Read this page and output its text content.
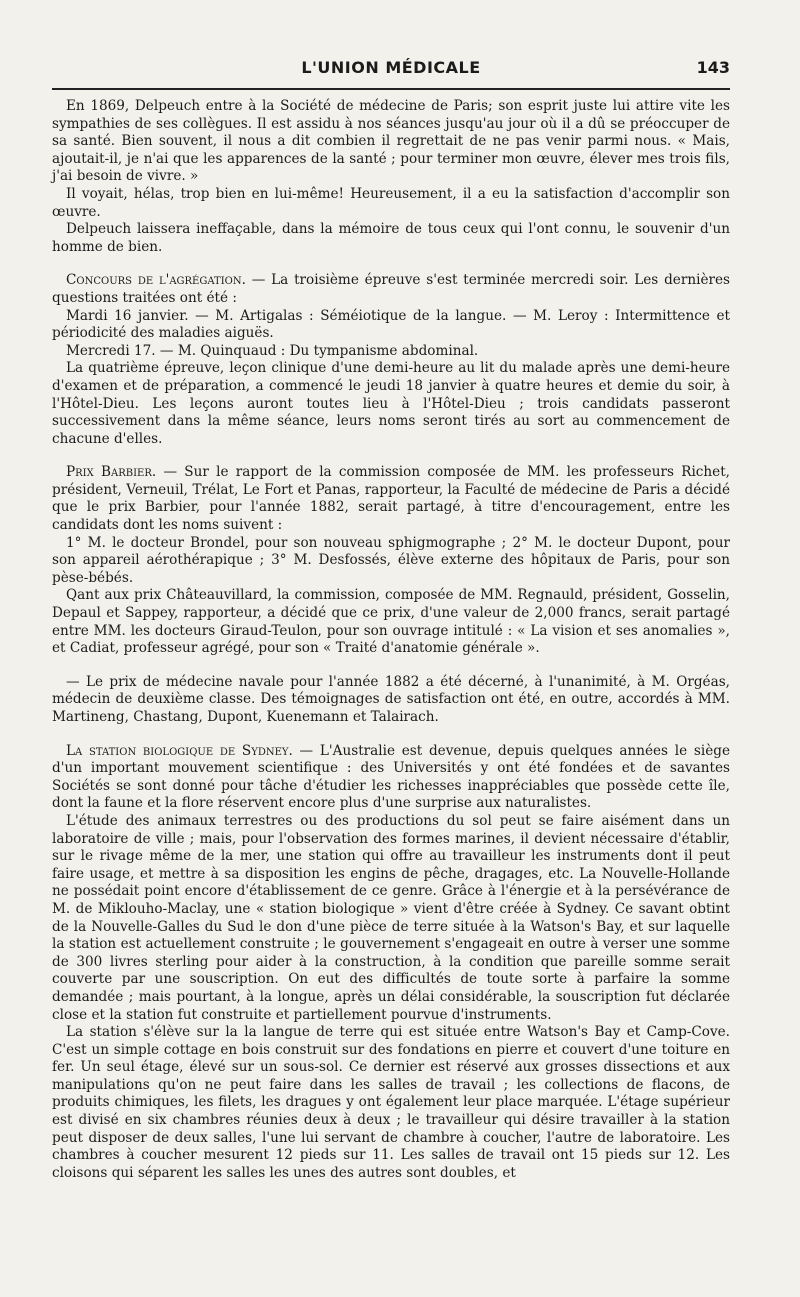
L'UNION MÉDICALE	143

En 1869, Delpeuch entre à la Société de médecine de Paris; son esprit juste lui attire vite les sympathies de ses collègues. Il est assidu à nos séances jusqu'au jour où il a dû se préoccuper de sa santé. Bien souvent, il nous a dit combien il regrettait de ne pas venir parmi nous. « Mais, ajoutait-il, je n'ai que les apparences de la santé ; pour terminer mon œuvre, élever mes trois fils, j'ai besoin de vivre. »

Il voyait, hélas, trop bien en lui-même! Heureusement, il a eu la satisfaction d'accomplir son œuvre.

Delpeuch laissera ineffaçable, dans la mémoire de tous ceux qui l'ont connu, le souvenir d'un homme de bien.

Concours de l'agrégation. — La troisième épreuve s'est terminée mercredi soir. Les dernières questions traitées ont été :

Mardi 16 janvier. — M. Artigalas : Séméiotique de la langue. — M. Leroy : Intermittence et périodicité des maladies aiguës.

Mercredi 17. — M. Quinquaud : Du tympanisme abdominal.

La quatrième épreuve, leçon clinique d'une demi-heure au lit du malade après une demi-heure d'examen et de préparation, a commencé le jeudi 18 janvier à quatre heures et demie du soir, à l'Hôtel-Dieu. Les leçons auront toutes lieu à l'Hôtel-Dieu ; trois candidats passeront successivement dans la même séance, leurs noms seront tirés au sort au commencement de chacune d'elles.

Prix Barbier. — Sur le rapport de la commission composée de MM. les professeurs Richet, président, Verneuil, Trélat, Le Fort et Panas, rapporteur, la Faculté de médecine de Paris a décidé que le prix Barbier, pour l'année 1882, serait partagé, à titre d'encouragement, entre les candidats dont les noms suivent :

1° M. le docteur Brondel, pour son nouveau sphigmographe ; 2° M. le docteur Dupont, pour son appareil aérothérapique ; 3° M. Desfossés, élève externe des hôpitaux de Paris, pour son pèse-bébés.

Qant aux prix Châteauvillard, la commission, composée de MM. Regnauld, président, Gosselin, Depaul et Sappey, rapporteur, a décidé que ce prix, d'une valeur de 2,000 francs, serait partagé entre MM. les docteurs Giraud-Teulon, pour son ouvrage intitulé : « La vision et ses anomalies », et Cadiat, professeur agrégé, pour son « Traité d'anatomie générale ».

— Le prix de médecine navale pour l'année 1882 a été décerné, à l'unanimité, à M. Orgéas, médecin de deuxième classe. Des témoignages de satisfaction ont été, en outre, accordés à MM. Martineng, Chastang, Dupont, Kuenemann et Talairach.

La station biologique de Sydney. — L'Australie est devenue, depuis quelques années le siège d'un important mouvement scientifique : des Universités y ont été fondées et de savantes Sociétés se sont donné pour tâche d'étudier les richesses inappréciables que possède cette île, dont la faune et la flore réservent encore plus d'une surprise aux naturalistes.

L'étude des animaux terrestres ou des productions du sol peut se faire aisément dans un laboratoire de ville ; mais, pour l'observation des formes marines, il devient nécessaire d'établir, sur le rivage même de la mer, une station qui offre au travailleur les instruments dont il peut faire usage, et mettre à sa disposition les engins de pêche, dragages, etc. La Nouvelle-Hollande ne possédait point encore d'établissement de ce genre. Grâce à l'énergie et à la persévérance de M. de Miklouho-Maclay, une « station biologique » vient d'être créée à Sydney. Ce savant obtint de la Nouvelle-Galles du Sud le don d'une pièce de terre située à la Watson's Bay, et sur laquelle la station est actuellement construite ; le gouvernement s'engageait en outre à verser une somme de 300 livres sterling pour aider à la construction, à la condition que pareille somme serait couverte par une souscription. On eut des difficultés de toute sorte à parfaire la somme demandée ; mais pourtant, à la longue, après un délai considérable, la souscription fut déclarée close et la station fut construite et partiellement pourvue d'instruments.

La station s'élève sur la la langue de terre qui est située entre Watson's Bay et Camp-Cove. C'est un simple cottage en bois construit sur des fondations en pierre et couvert d'une toiture en fer. Un seul étage, élevé sur un sous-sol. Ce dernier est réservé aux grosses dissections et aux manipulations qu'on ne peut faire dans les salles de travail ; les collections de flacons, de produits chimiques, les filets, les dragues y ont également leur place marquée. L'étage supérieur est divisé en six chambres réunies deux à deux ; le travailleur qui désire travailler à la station peut disposer de deux salles, l'une lui servant de chambre à coucher, l'autre de laboratoire. Les chambres à coucher mesurent 12 pieds sur 11. Les salles de travail ont 15 pieds sur 12. Les cloisons qui séparent les salles les unes des autres sont doubles, et
